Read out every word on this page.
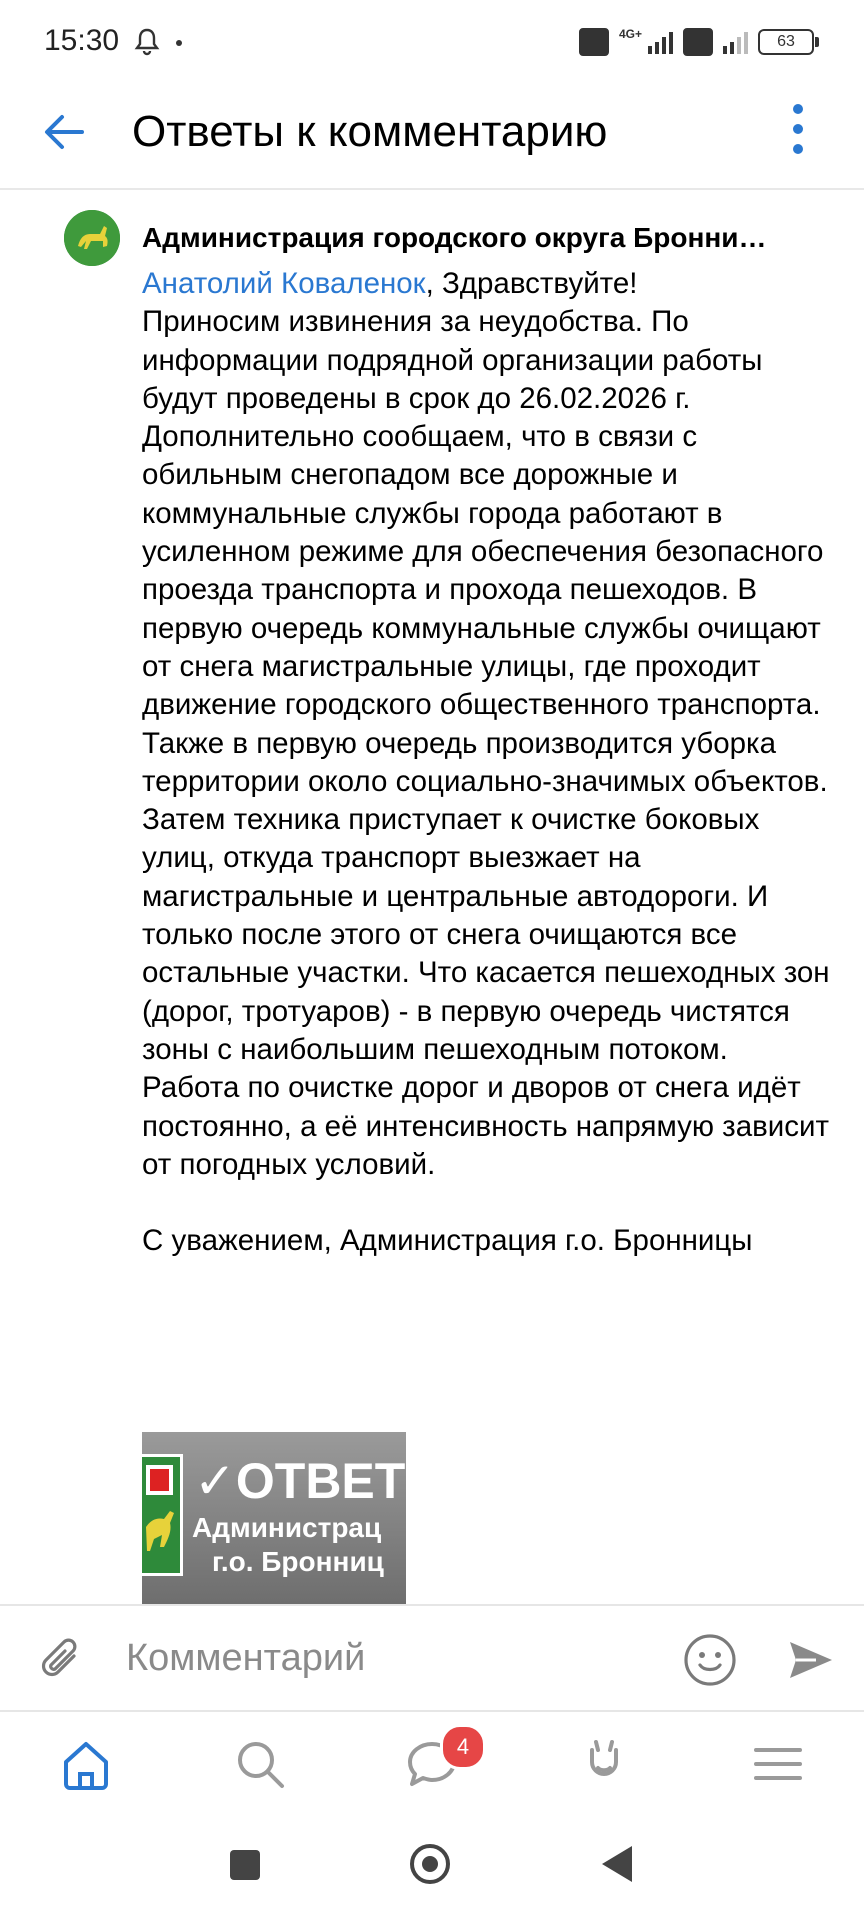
15:30	4G+	63
Ответы к комментарию
Администрация городского округа Бронни…
Анатолий Коваленок, Здравствуйте!
Приносим извинения за неудобства. По информации подрядной организации работы будут проведены в срок до 26.02.2026 г. Дополнительно сообщаем, что в связи с обильным снегопадом все дорожные и коммунальные службы города работают в усиленном режиме для обеспечения безопасного проезда транспорта и прохода пешеходов. В первую очередь коммунальные службы очищают от снега магистральные улицы, где проходит движение городского общественного транспорта. Также в первую очередь производится уборка территории около социально-значимых объектов. Затем техника приступает к очистке боковых улиц, откуда транспорт выезжает на магистральные и центральные автодороги. И только после этого от снега очищаются все остальные участки. Что касается пешеходных зон (дорог, тротуаров) - в первую очередь чистятся зоны с наибольшим пешеходным потоком. Работа по очистке дорог и дворов от снега идёт постоянно, а её интенсивность напрямую зависит от погодных условий.

С уважением, Администрация г.о. Бронницы
✓ОТВЕТ
Администрац
г.о. Бронниц
Комментарий
4
